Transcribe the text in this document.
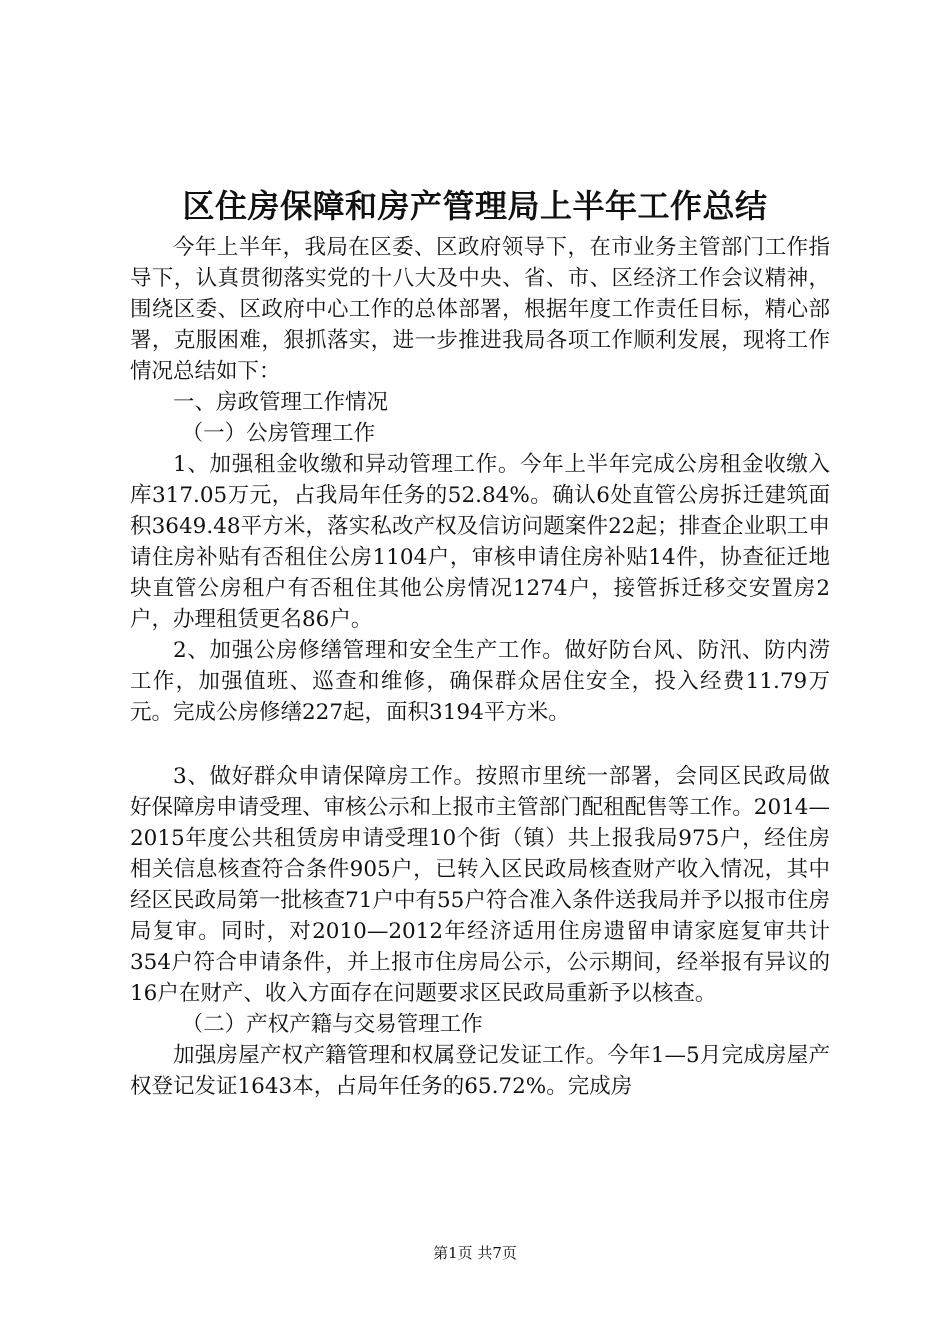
区住房保障和房产管理局上半年工作总结

今年上半年，我局在区委、区政府领导下，在市业务主管部门工作指导下，认真贯彻落实党的十八大及中央、省、市、区经济工作会议精神，围绕区委、区政府中心工作的总体部署，根据年度工作责任目标，精心部署，克服困难，狠抓落实，进一步推进我局各项工作顺利发展，现将工作情况总结如下：

一、房政管理工作情况

（一）公房管理工作

1、加强租金收缴和异动管理工作。今年上半年完成公房租金收缴入库317.05万元，占我局年任务的52.84%。确认6处直管公房拆迁建筑面积3649.48平方米，落实私改产权及信访问题案件22起；排查企业职工申请住房补贴有否租住公房1104户，审核申请住房补贴14件，协查征迁地块直管公房租户有否租住其他公房情况1274户，接管拆迁移交安置房2户，办理租赁更名86户。

2、加强公房修缮管理和安全生产工作。做好防台风、防汛、防内涝工作，加强值班、巡查和维修，确保群众居住安全，投入经费11.79万元。完成公房修缮227起，面积3194平方米。

3、做好群众申请保障房工作。按照市里统一部署，会同区民政局做好保障房申请受理、审核公示和上报市主管部门配租配售等工作。2014—2015年度公共租赁房申请受理10个街（镇）共上报我局975户，经住房相关信息核查符合条件905户，已转入区民政局核查财产收入情况，其中经区民政局第一批核查71户中有55户符合准入条件送我局并予以报市住房局复审。同时，对2010—2012年经济适用住房遗留申请家庭复审共计354户符合申请条件，并上报市住房局公示，公示期间，经举报有异议的16户在财产、收入方面存在问题要求区民政局重新予以核查。

（二）产权产籍与交易管理工作

加强房屋产权产籍管理和权属登记发证工作。今年1—5月完成房屋产权登记发证1643本，占局年任务的65.72%。完成房

第1页 共7页
